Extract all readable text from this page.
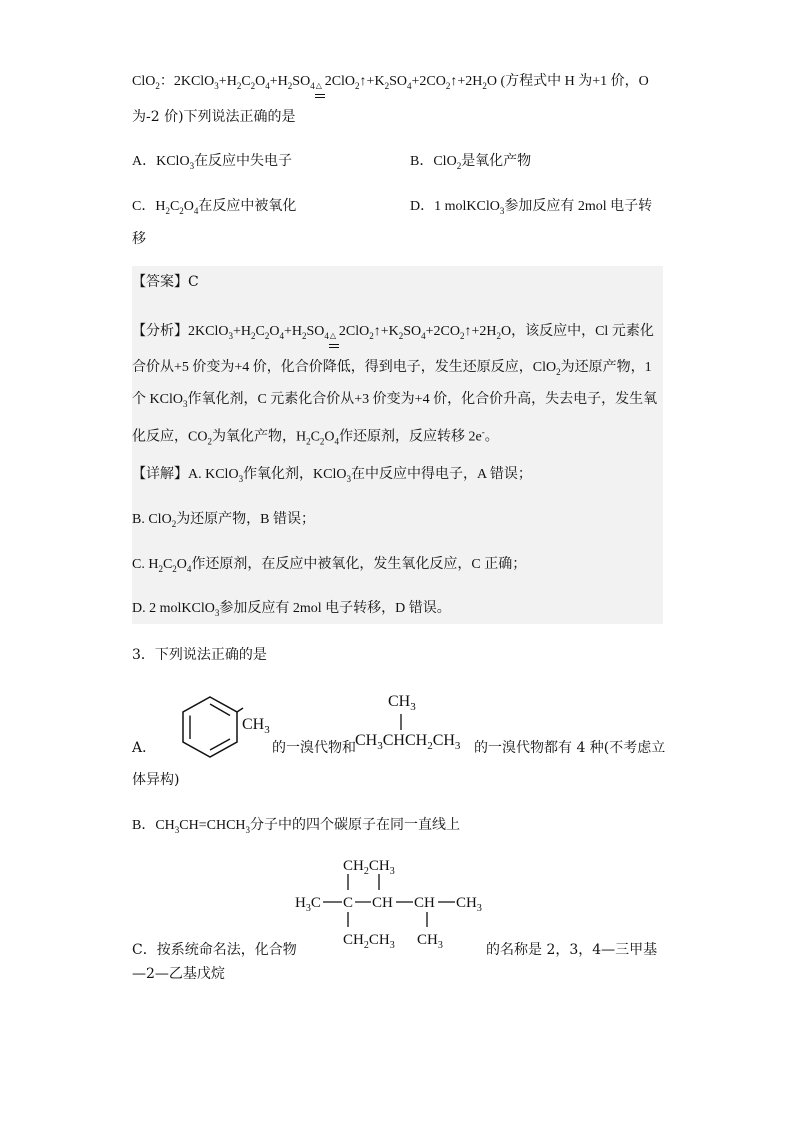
ClO$_2$：$2KClO_3+H_2C_2O_4+H_2SO_4$ △ $2ClO_2↑+K_2SO_4+2CO_2↑+2H_2O$ (方程式中 H 为+1 价，O
为-2 价)下列说法正确的是
A．KClO$_3$在反应中失电子	B．ClO$_2$是氧化产物
C．$H_2C_2O_4$在反应中被氧化	D．1 molKClO$_3$参加反应有 2mol 电子转
移
【答案】C
【分析】$2KClO_3+H_2C_2O_4+H_2SO_4$ △ $2ClO_2↑+K_2SO_4+2CO_2↑+2H_2O$，该反应中，Cl 元素化
合价从+5 价变为+4 价，化合价降低，得到电子，发生还原反应，ClO$_2$为还原产物，1
个 KClO$_3$作氧化剂，C 元素化合价从+3 价变为+4 价，化合价升高，失去电子，发生氧
化反应，$CO_2$为氧化产物，$H_2C_2O_4$作还原剂，反应转移 2e-。
【详解】A. KClO$_3$作氧化剂，KClO$_3$在中反应中得电子，A 错误；
B. ClO$_2$为还原产物，B 错误；
C. $H_2C_2O_4$作还原剂，在反应中被氧化，发生氧化反应，C 正确；
D. 2 molKClO$_3$参加反应有 2mol 电子转移，D 错误。
3．下列说法正确的是
$CH_3$
A．	的一溴代物和
$CH_3$
$CH_3CHCH_2CH_3$ 的一溴代物都有 4 种(不考虑立
体异构)
B．$CH_3CH=CHCH_3$分子中的四个碳原子在同一直线上
$CH_2CH_3$
$H_3C$ C CH CH $CH_3$
$CH_2CH_3$ $CH_3$
C．按系统命名法，化合物	的名称是 2，3，4—三甲基
—2—乙基戊烷
